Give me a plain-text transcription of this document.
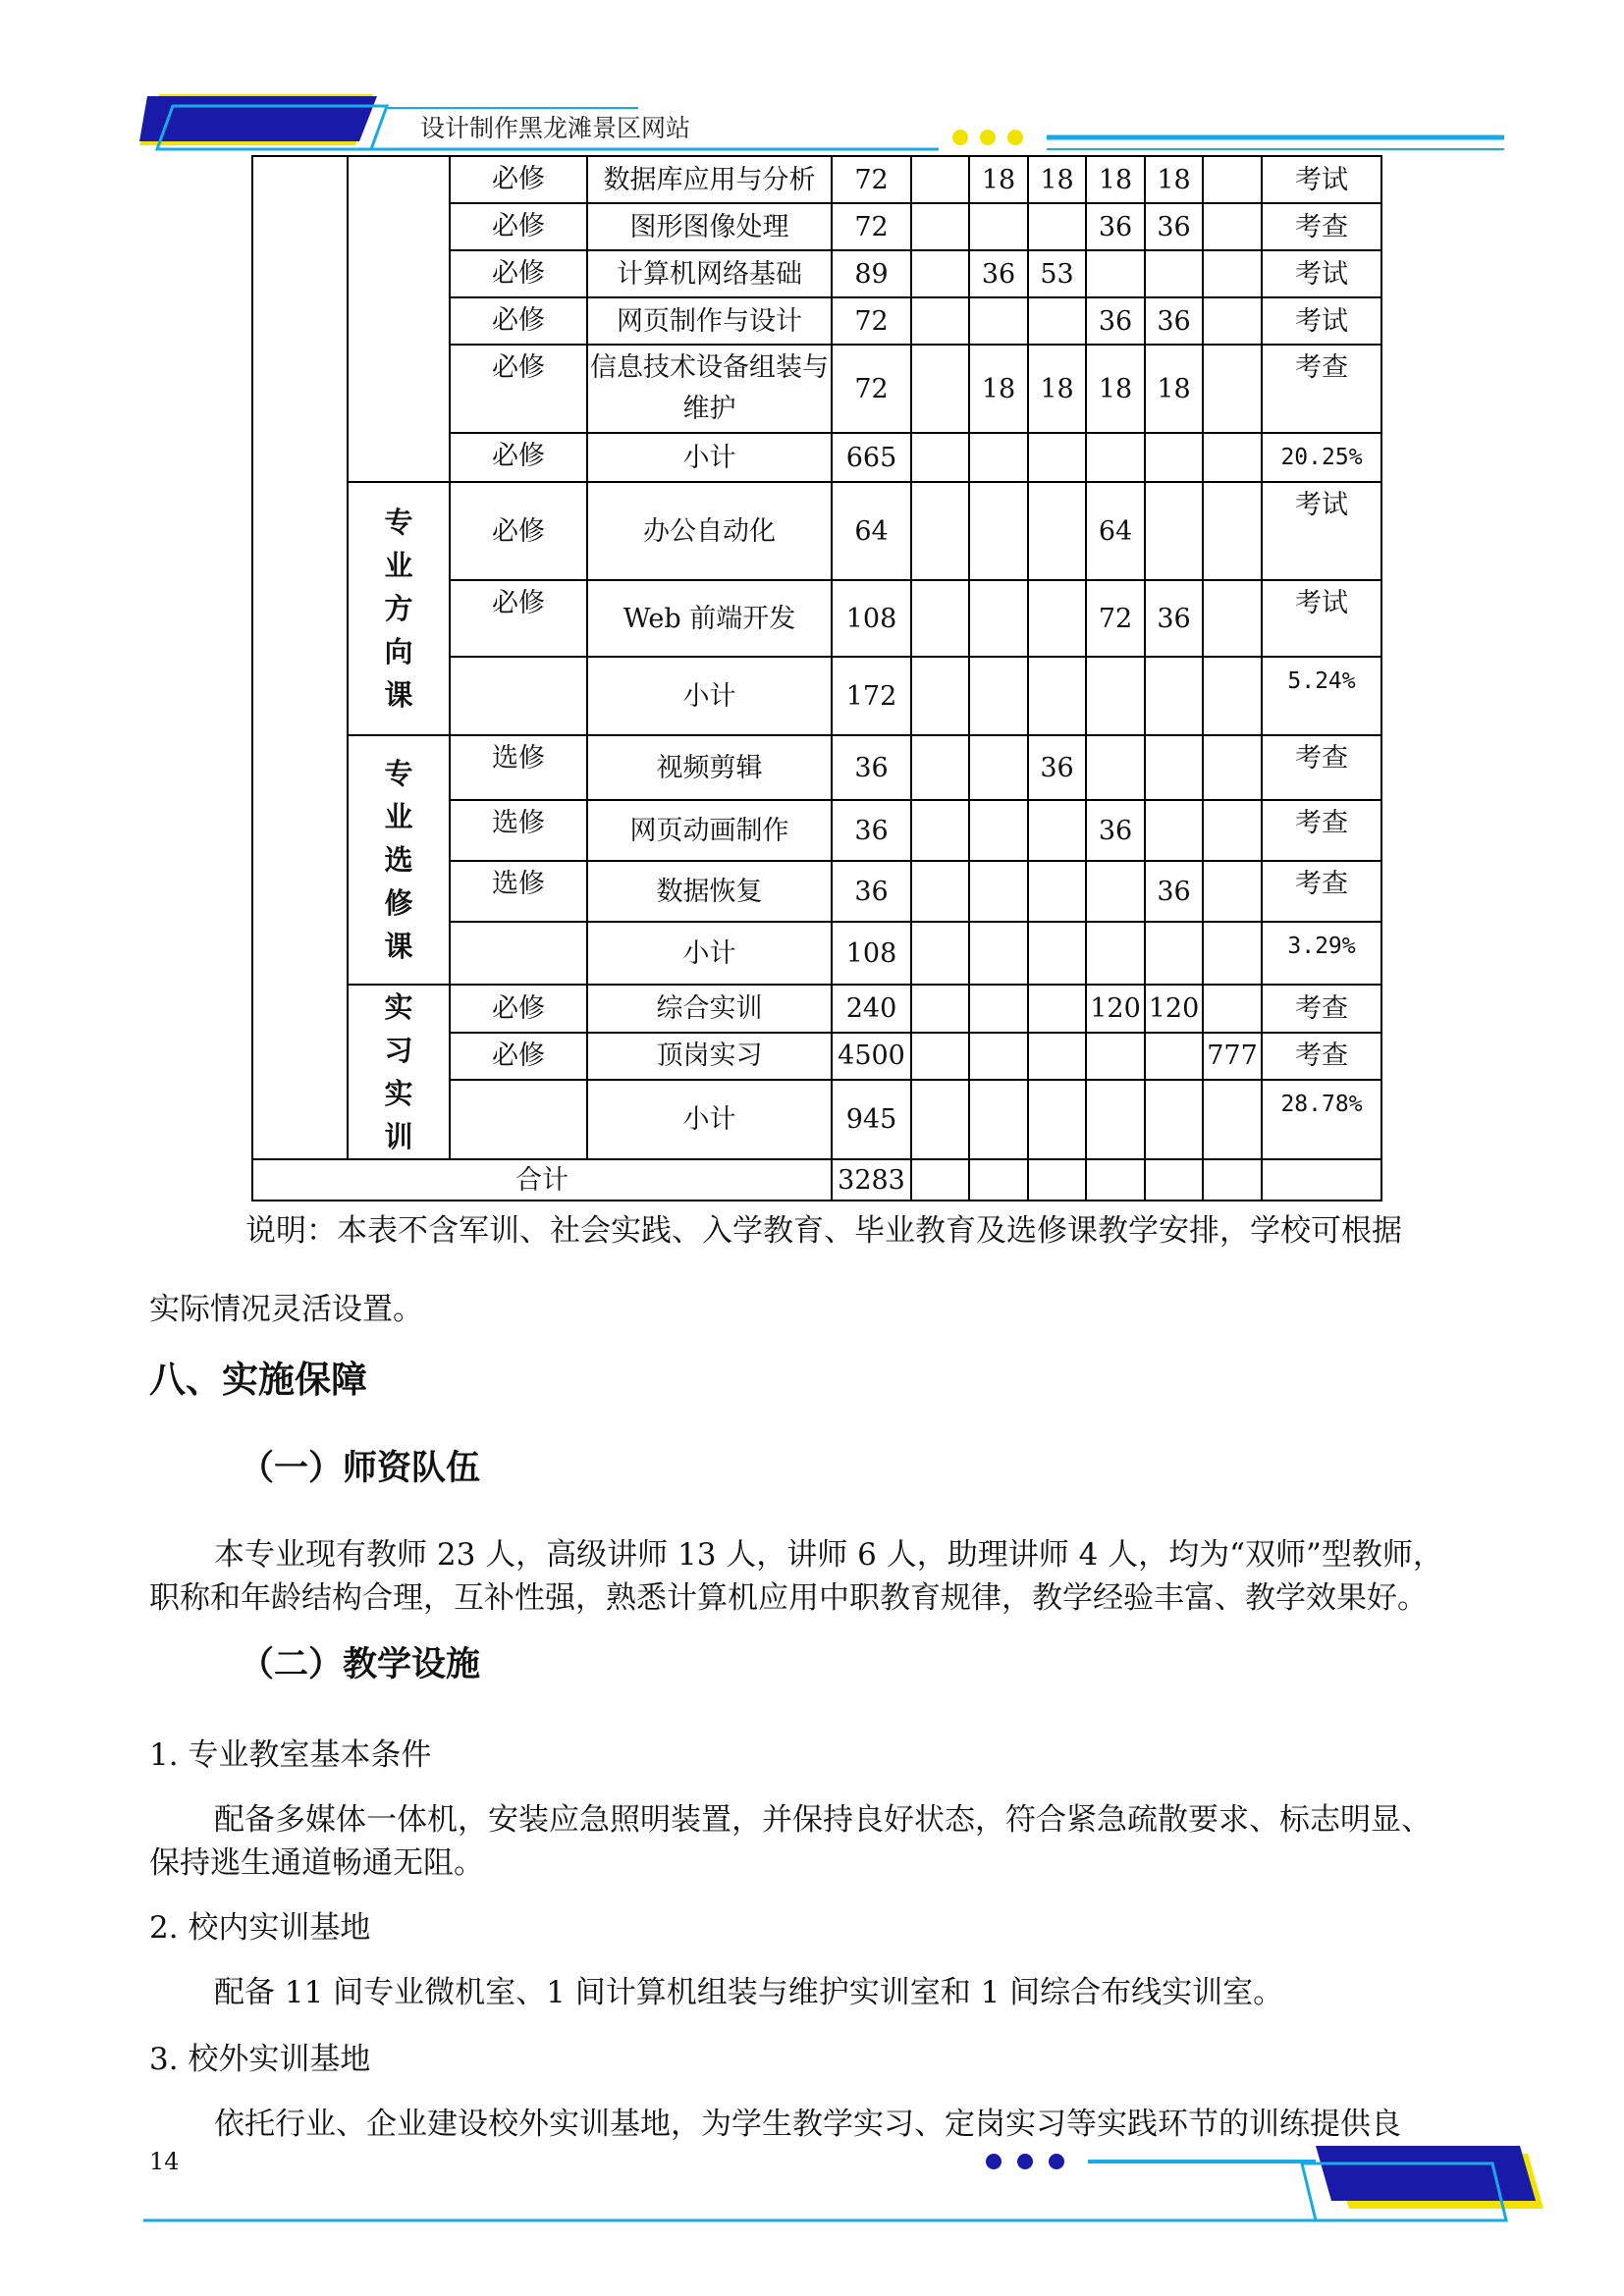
设计制作黑龙滩景区网站
		必修	数据库应用与分析	72		18	18	18	18		考试
		必修	图形图像处理	72				36	36		考查
		必修	计算机网络基础	89		36	53				考试
		必修	网页制作与设计	72				36	36		考试
		必修	信息技术设备组装与维护	72		18	18	18	18		考查
		必修	小计	665							20.25%

	专业方向课	必修	办公自动化	64				64			考试
		必修	Web 前端开发	108				72	36		考试
			小计	172							5.24%

	专业选修课	选修	视频剪辑	36			36				考查
		选修	网页动画制作	36				36			考查
		选修	数据恢复	36					36		考查
			小计	108							3.29%

	实习实训	必修	综合实训	240				120	120		考查
		必修	顶岗实习	4500						777	考查
			小计	945							28.78%
合计				3283							
说明：本表不含军训、社会实践、入学教育、毕业教育及选修课教学安排，学校可根据
实际情况灵活设置。
八、实施保障
（一）师资队伍
本专业现有教师 23 人，高级讲师 13 人，讲师 6 人，助理讲师 4 人，均为“双师”型教师，
职称和年龄结构合理，互补性强，熟悉计算机应用中职教育规律，教学经验丰富、教学效果好。
（二）教学设施
1. 专业教室基本条件
配备多媒体一体机，安装应急照明装置，并保持良好状态，符合紧急疏散要求、标志明显、
保持逃生通道畅通无阻。
2. 校内实训基地
配备 11 间专业微机室、1 间计算机组装与维护实训室和 1 间综合布线实训室。
3. 校外实训基地
依托行业、企业建设校外实训基地，为学生教学实习、定岗实习等实践环节的训练提供良
14
